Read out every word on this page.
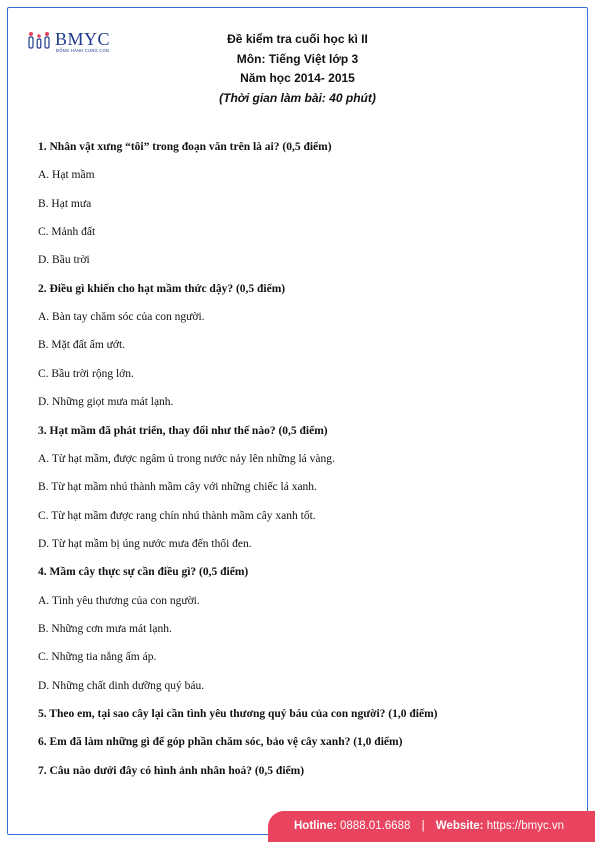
BMYC
ĐỒNG HÀNH CÙNG CON
Đề kiểm tra cuối học kì II
Môn: Tiếng Việt lớp 3
Năm học 2014- 2015
(Thời gian làm bài: 40 phút)
1. Nhân vật xưng “tôi” trong đoạn văn trên là ai? (0,5 điểm)
A. Hạt mầm
B. Hạt mưa
C. Mảnh đất
D. Bầu trời
2. Điều gì khiến cho hạt mầm thức dậy? (0,5 điểm)
A. Bàn tay chăm sóc của con người.
B. Mặt đất ẩm ướt.
C. Bầu trời rộng lớn.
D. Những giọt mưa mát lạnh.
3. Hạt mầm đã phát triển, thay đổi như thế nào? (0,5 điểm)
A. Từ hạt mầm, được ngâm ủ trong nước nảy lên những lá vàng.
B. Từ hạt mầm nhú thành mầm cây với những chiếc lá xanh.
C. Từ hạt mầm được rang chín nhú thành mầm cây xanh tốt.
D. Từ hạt mầm bị úng nước mưa đến thối đen.
4. Mầm cây thực sự cần điều gì? (0,5 điểm)
A. Tình yêu thương của con người.
B. Những cơn mưa mát lạnh.
C. Những tia nắng ấm áp.
D. Những chất dinh dưỡng quý báu.
5. Theo em, tại sao cây lại cần tình yêu thương quý báu của con người? (1,0 điểm)
6. Em đã làm những gì để góp phần chăm sóc, bảo vệ cây xanh? (1,0 điểm)
7. Câu nào dưới đây có hình ảnh nhân hoá? (0,5 điểm)
Hotline: 0888.01.6688 | Website: https://bmyc.vn
